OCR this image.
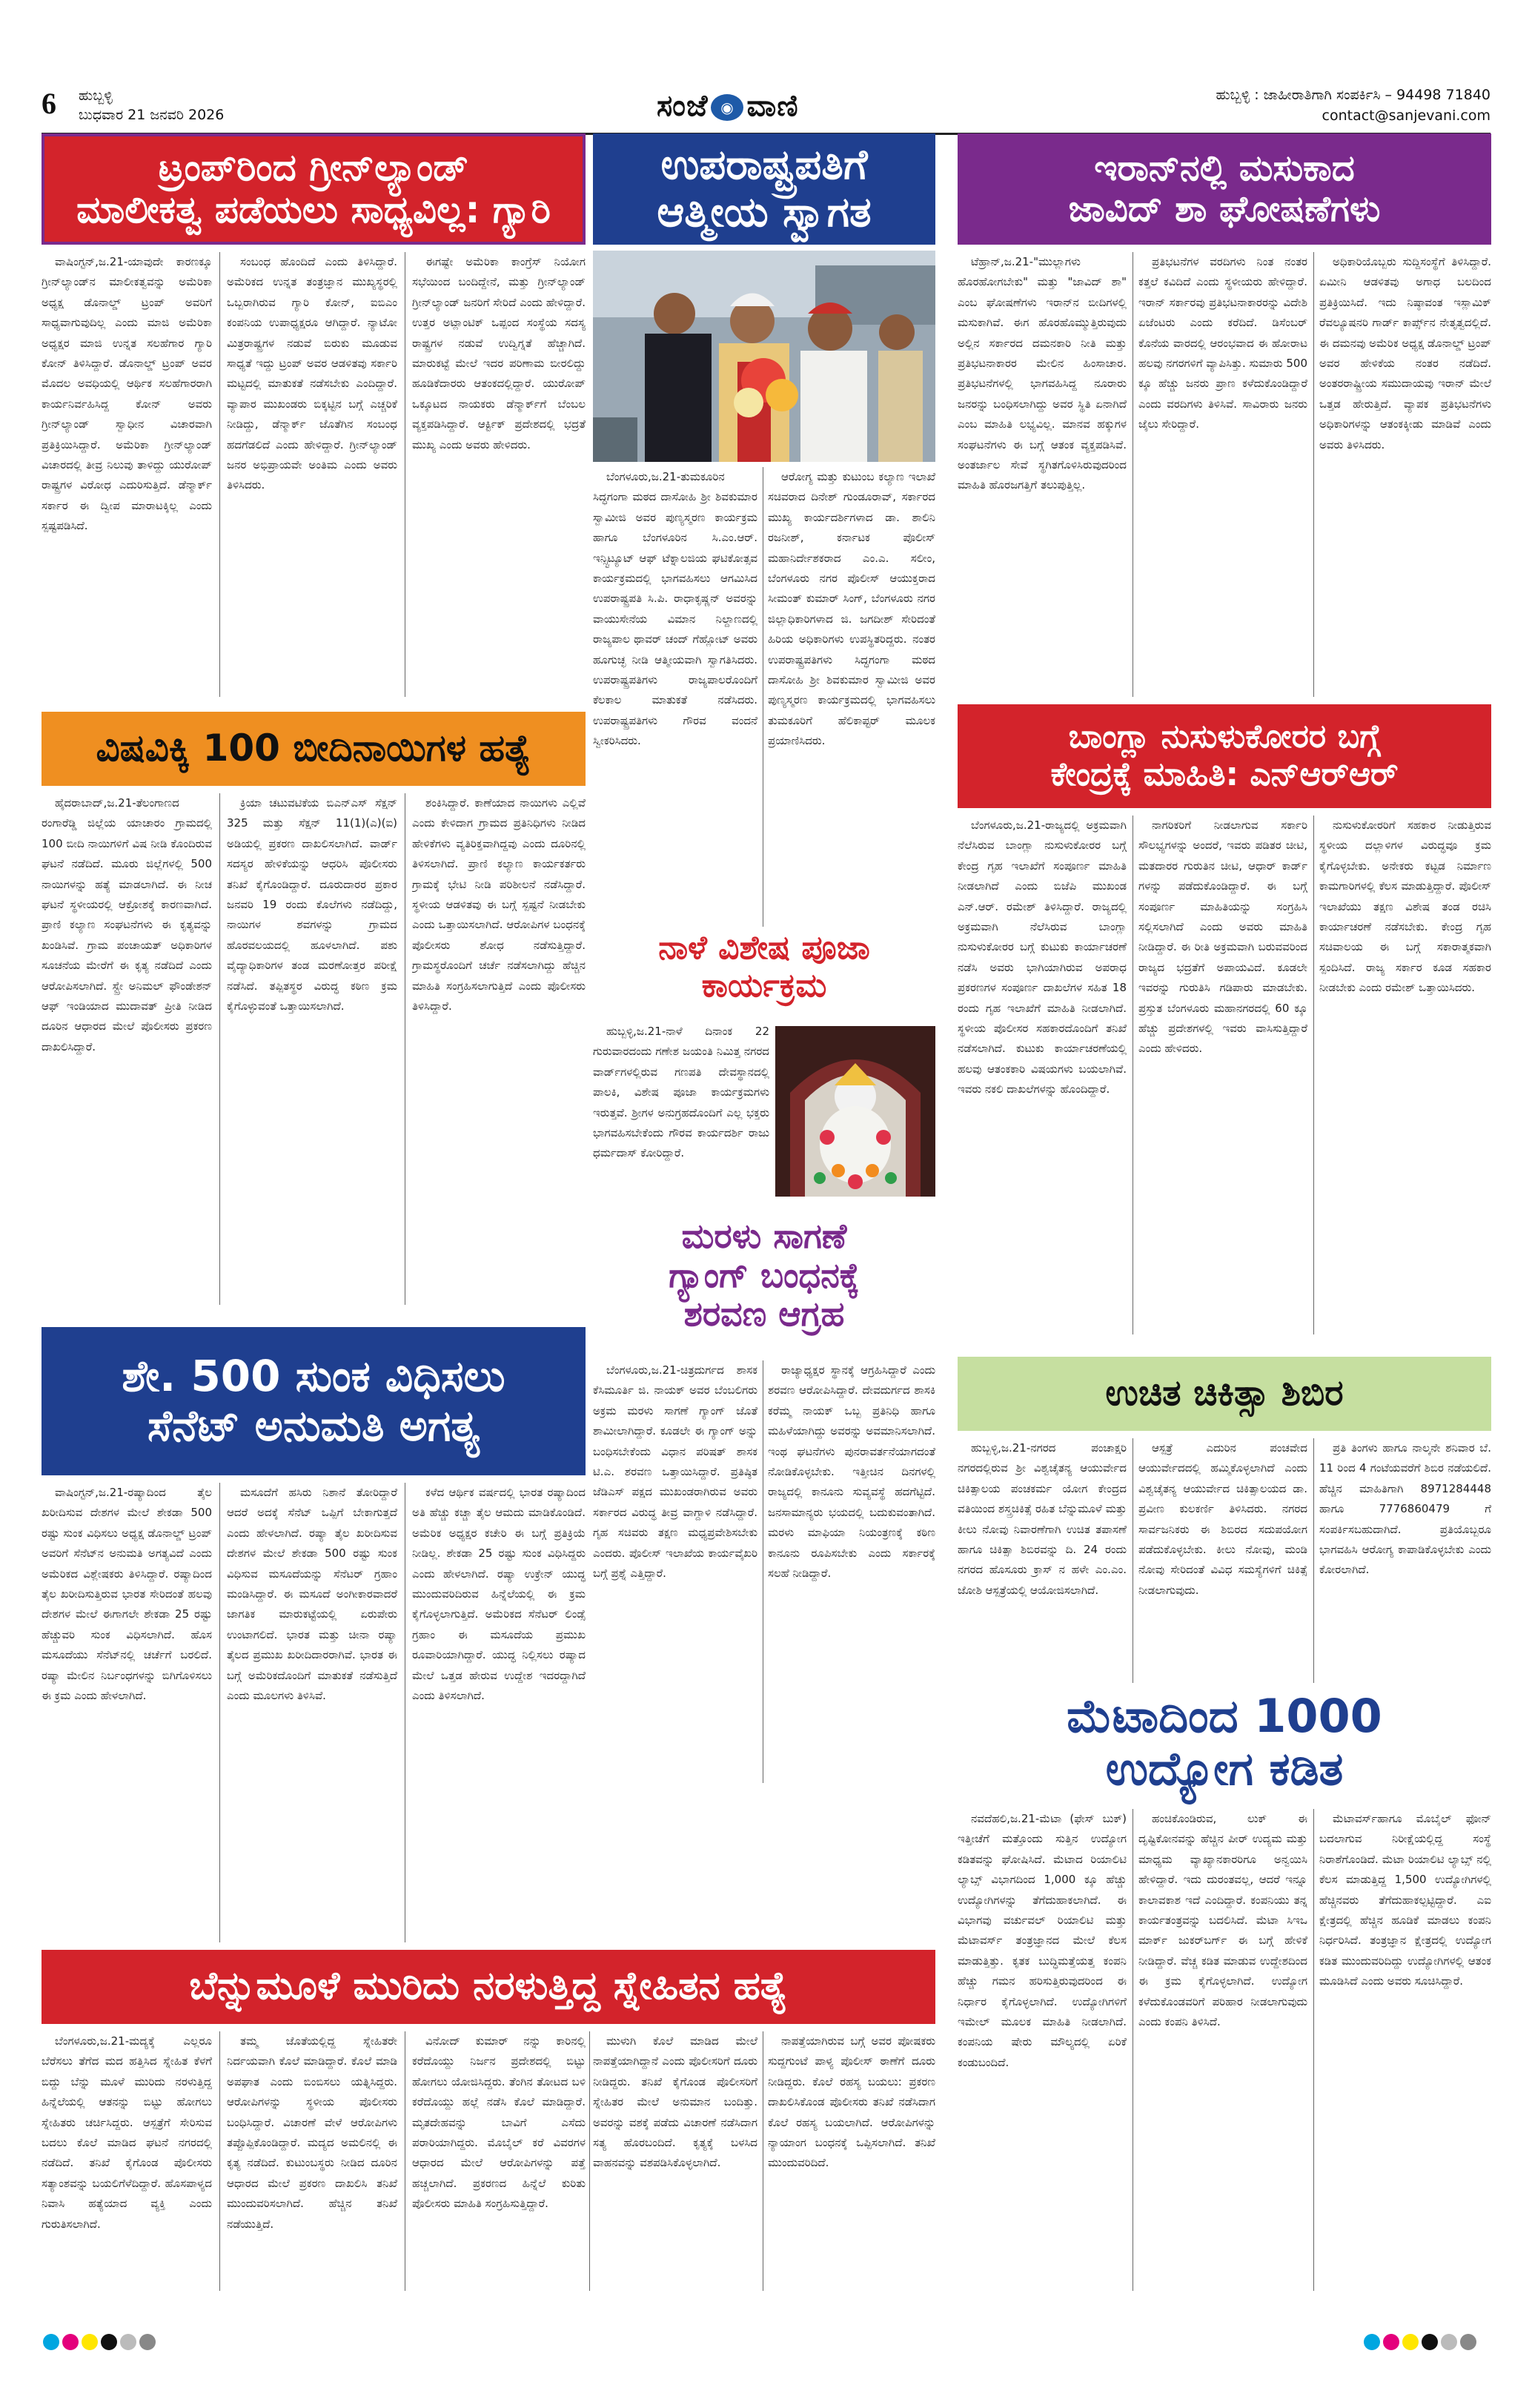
6 ಹುಬ್ಬಳ್ಳಿ
ಬುಧವಾರ 21 ಜನವರಿ 2026	ಸಂಜೆ ◉ ವಾಣಿ	ಹುಬ್ಬಳ್ಳಿ : ಜಾಹೀರಾತಿಗಾಗಿ ಸಂಪರ್ಕಿಸಿ – 94498 71840
contact@sanjevani.com
ಟ್ರಂಪ್‌ರಿಂದ ಗ್ರೀನ್‌ಲ್ಯಾಂಡ್
ಮಾಲೀಕತ್ವ ಪಡೆಯಲು ಸಾಧ್ಯವಿಲ್ಲ: ಗ್ಯಾರಿ

ವಾಷಿಂಗ್ಟನ್,ಜ.21-ಯಾವುದೇ ಕಾರಣಕ್ಕೂ ಗ್ರೀನ್‌ಲ್ಯಾಂಡ್‌ನ ಮಾಲೀಕತ್ವವನ್ನು ಅಮೆರಿಕಾ ಅಧ್ಯಕ್ಷ ಡೊನಾಲ್ಡ್ ಟ್ರಂಪ್ ಅವರಿಗೆ ಸಾಧ್ಯವಾಗುವುದಿಲ್ಲ ಎಂದು ಮಾಜಿ ಅಮೆರಿಕಾ ಅಧ್ಯಕ್ಷರ ಮಾಜಿ ಉನ್ನತ ಸಲಹೆಗಾರ ಗ್ಯಾರಿ ಕೋನ್ ತಿಳಿಸಿದ್ದಾರೆ. ಡೊನಾಲ್ಡ್ ಟ್ರಂಪ್ ಅವರ ಮೊದಲ ಅವಧಿಯಲ್ಲಿ ಆರ್ಥಿಕ ಸಲಹೆಗಾರರಾಗಿ ಕಾರ್ಯನಿರ್ವಹಿಸಿದ್ದ ಕೋನ್ ಅವರು ಗ್ರೀನ್‌ಲ್ಯಾಂಡ್ ಸ್ವಾಧೀನ ವಿಚಾರವಾಗಿ ಪ್ರತಿಕ್ರಿಯಿಸಿದ್ದಾರೆ. ಅಮೆರಿಕಾ ಗ್ರೀನ್‌ಲ್ಯಾಂಡ್ ವಿಚಾರದಲ್ಲಿ ತೀವ್ರ ನಿಲುವು ತಾಳಿದ್ದು ಯುರೋಪ್ ರಾಷ್ಟ್ರಗಳ ವಿರೋಧ ಎದುರಿಸುತ್ತಿದೆ. ಡೆನ್ಮಾರ್ಕ್ ಸರ್ಕಾರ ಈ ದ್ವೀಪ ಮಾರಾಟಕ್ಕಿಲ್ಲ ಎಂದು ಸ್ಪಷ್ಟಪಡಿಸಿದೆ.

ಸಂಬಂಧ ಹೊಂದಿದೆ ಎಂದು ತಿಳಿಸಿದ್ದಾರೆ. ಅಮೆರಿಕದ ಉನ್ನತ ತಂತ್ರಜ್ಞಾನ ಮುಖ್ಯಸ್ಥರಲ್ಲಿ ಒಬ್ಬರಾಗಿರುವ ಗ್ಯಾರಿ ಕೋನ್, ಐಬಿಎಂ ಕಂಪನಿಯ ಉಪಾಧ್ಯಕ್ಷರೂ ಆಗಿದ್ದಾರೆ. ನ್ಯಾಟೋ ಮಿತ್ರರಾಷ್ಟ್ರಗಳ ನಡುವೆ ಬಿರುಕು ಮೂಡುವ ಸಾಧ್ಯತೆ ಇದ್ದು ಟ್ರಂಪ್ ಅವರ ಆಡಳಿತವು ಸರ್ಕಾರಿ ಮಟ್ಟದಲ್ಲಿ ಮಾತುಕತೆ ನಡೆಸಬೇಕು ಎಂದಿದ್ದಾರೆ. ವ್ಯಾಪಾರ ಮುಖಂಡರು ಬಿಕ್ಕಟ್ಟಿನ ಬಗ್ಗೆ ಎಚ್ಚರಿಕೆ ನೀಡಿದ್ದು, ಡೆನ್ಮಾರ್ಕ್ ಜೊತೆಗಿನ ಸಂಬಂಧ ಹದಗೆಡಲಿದೆ ಎಂದು ಹೇಳಿದ್ದಾರೆ. ಗ್ರೀನ್‌ಲ್ಯಾಂಡ್ ಜನರ ಅಭಿಪ್ರಾಯವೇ ಅಂತಿಮ ಎಂದು ಅವರು ತಿಳಿಸಿದರು.

ಈಗಷ್ಟೇ ಅಮೆರಿಕಾ ಕಾಂಗ್ರೆಸ್ ನಿಯೋಗ ಸಭೆಯಿಂದ ಬಂದಿದ್ದೇನೆ, ಮತ್ತು ಗ್ರೀನ್‌ಲ್ಯಾಂಡ್ ಗ್ರೀನ್‌ಲ್ಯಾಂಡ್ ಜನರಿಗೆ ಸೇರಿದೆ ಎಂದು ಹೇಳಿದ್ದಾರೆ. ಉತ್ತರ ಅಟ್ಲಾಂಟಿಕ್ ಒಪ್ಪಂದ ಸಂಸ್ಥೆಯ ಸದಸ್ಯ ರಾಷ್ಟ್ರಗಳ ನಡುವೆ ಉದ್ವಿಗ್ನತೆ ಹೆಚ್ಚಾಗಿದೆ. ಮಾರುಕಟ್ಟೆ ಮೇಲೆ ಇದರ ಪರಿಣಾಮ ಬೀರಲಿದ್ದು ಹೂಡಿಕೆದಾರರು ಆತಂಕದಲ್ಲಿದ್ದಾರೆ. ಯುರೋಪ್ ಒಕ್ಕೂಟದ ನಾಯಕರು ಡೆನ್ಮಾರ್ಕ್‌ಗೆ ಬೆಂಬಲ ವ್ಯಕ್ತಪಡಿಸಿದ್ದಾರೆ. ಆರ್ಕ್ಟಿಕ್ ಪ್ರದೇಶದಲ್ಲಿ ಭದ್ರತೆ ಮುಖ್ಯ ಎಂದು ಅವರು ಹೇಳಿದರು.

ಉಪರಾಷ್ಟ್ರಪತಿಗೆ
ಆತ್ಮೀಯ ಸ್ವಾಗತ

ಬೆಂಗಳೂರು,ಜ.21-ತುಮಕೂರಿನ ಸಿದ್ಧಗಂಗಾ ಮಠದ ದಾಸೋಹಿ ಶ್ರೀ ಶಿವಕುಮಾರ ಸ್ವಾಮೀಜಿ ಅವರ ಪುಣ್ಯಸ್ಮರಣ ಕಾರ್ಯಕ್ರಮ ಹಾಗೂ ಬೆಂಗಳೂರಿನ ಸಿ.ಎಂ.ಆರ್. ಇನ್ಸ್ಟಿಟ್ಯೂಟ್ ಆಫ್ ಟೆಕ್ನಾಲಜಿಯ ಘಟಿಕೋತ್ಸವ ಕಾರ್ಯಕ್ರಮದಲ್ಲಿ ಭಾಗವಹಿಸಲು ಆಗಮಿಸಿದ ಉಪರಾಷ್ಟ್ರಪತಿ ಸಿ.ಪಿ. ರಾಧಾಕೃಷ್ಣನ್ ಅವರನ್ನು ವಾಯುಸೇನೆಯ ವಿಮಾನ ನಿಲ್ದಾಣದಲ್ಲಿ ರಾಜ್ಯಪಾಲ ಥಾವರ್ ಚಂದ್ ಗೆಹ್ಲೋಟ್ ಅವರು ಹೂಗುಚ್ಛ ನೀಡಿ ಆತ್ಮೀಯವಾಗಿ ಸ್ವಾಗತಿಸಿದರು. ಉಪರಾಷ್ಟ್ರಪತಿಗಳು ರಾಜ್ಯಪಾಲರೊಂದಿಗೆ ಕೆಲಕಾಲ ಮಾತುಕತೆ ನಡೆಸಿದರು. ಉಪರಾಷ್ಟ್ರಪತಿಗಳು ಗೌರವ ವಂದನೆ ಸ್ವೀಕರಿಸಿದರು.

ಆರೋಗ್ಯ ಮತ್ತು ಕುಟುಂಬ ಕಲ್ಯಾಣ ಇಲಾಖೆ ಸಚಿವರಾದ ದಿನೇಶ್ ಗುಂಡೂರಾವ್, ಸರ್ಕಾರದ ಮುಖ್ಯ ಕಾರ್ಯದರ್ಶಿಗಳಾದ ಡಾ. ಶಾಲಿನಿ ರಜನೀಶ್, ಕರ್ನಾಟಕ ಪೊಲೀಸ್ ಮಹಾನಿರ್ದೇಶಕರಾದ ಎಂ.ಎ. ಸಲೀಂ, ಬೆಂಗಳೂರು ನಗರ ಪೊಲೀಸ್ ಆಯುಕ್ತರಾದ ಸೀಮಂತ್ ಕುಮಾರ್ ಸಿಂಗ್, ಬೆಂಗಳೂರು ನಗರ ಜಿಲ್ಲಾಧಿಕಾರಿಗಳಾದ ಜಿ. ಜಗದೀಶ್ ಸೇರಿದಂತೆ ಹಿರಿಯ ಅಧಿಕಾರಿಗಳು ಉಪಸ್ಥಿತರಿದ್ದರು. ನಂತರ ಉಪರಾಷ್ಟ್ರಪತಿಗಳು ಸಿದ್ಧಗಂಗಾ ಮಠದ ದಾಸೋಹಿ ಶ್ರೀ ಶಿವಕುಮಾರ ಸ್ವಾಮೀಜಿ ಅವರ ಪುಣ್ಯಸ್ಮರಣ ಕಾರ್ಯಕ್ರಮದಲ್ಲಿ ಭಾಗವಹಿಸಲು ತುಮಕೂರಿಗೆ ಹೆಲಿಕಾಪ್ಟರ್ ಮೂಲಕ ಪ್ರಯಾಣಿಸಿದರು.

ಇರಾನ್‌ನಲ್ಲಿ ಮಸುಕಾದ
ಜಾವಿದ್ ಶಾ ಘೋಷಣೆಗಳು

ಟೆಹ್ರಾನ್,ಜ.21-"ಮುಲ್ಲಾಗಳು ಹೊರಹೋಗಬೇಕು" ಮತ್ತು "ಜಾವಿದ್ ಶಾ" ಎಂಬ ಘೋಷಣೆಗಳು ಇರಾನ್‌ನ ಬೀದಿಗಳಲ್ಲಿ ಮಸುಕಾಗಿವೆ. ಈಗ ಹೊರಹೊಮ್ಮುತ್ತಿರುವುದು ಅಲ್ಲಿನ ಸರ್ಕಾರದ ದಮನಕಾರಿ ನೀತಿ ಮತ್ತು ಪ್ರತಿಭಟನಾಕಾರರ ಮೇಲಿನ ಹಿಂಸಾಚಾರ. ಪ್ರತಿಭಟನೆಗಳಲ್ಲಿ ಭಾಗವಹಿಸಿದ್ದ ನೂರಾರು ಜನರನ್ನು ಬಂಧಿಸಲಾಗಿದ್ದು ಅವರ ಸ್ಥಿತಿ ಏನಾಗಿದೆ ಎಂಬ ಮಾಹಿತಿ ಲಭ್ಯವಿಲ್ಲ. ಮಾನವ ಹಕ್ಕುಗಳ ಸಂಘಟನೆಗಳು ಈ ಬಗ್ಗೆ ಆತಂಕ ವ್ಯಕ್ತಪಡಿಸಿವೆ. ಅಂತರ್ಜಾಲ ಸೇವೆ ಸ್ಥಗಿತಗೊಳಿಸಿರುವುದರಿಂದ ಮಾಹಿತಿ ಹೊರಜಗತ್ತಿಗೆ ತಲುಪುತ್ತಿಲ್ಲ.

ಪ್ರತಿಭಟನೆಗಳ ವರದಿಗಳು ನಿಂತ ನಂತರ ಕತ್ತಲೆ ಕವಿದಿದೆ ಎಂದು ಸ್ಥಳೀಯರು ಹೇಳಿದ್ದಾರೆ. ಇರಾನ್ ಸರ್ಕಾರವು ಪ್ರತಿಭಟನಾಕಾರರನ್ನು ವಿದೇಶಿ ಏಜೆಂಟರು ಎಂದು ಕರೆದಿದೆ. ಡಿಸೆಂಬರ್ ಕೊನೆಯ ವಾರದಲ್ಲಿ ಆರಂಭವಾದ ಈ ಹೋರಾಟ ಹಲವು ನಗರಗಳಿಗೆ ವ್ಯಾಪಿಸಿತ್ತು. ಸುಮಾರು 500 ಕ್ಕೂ ಹೆಚ್ಚು ಜನರು ಪ್ರಾಣ ಕಳೆದುಕೊಂಡಿದ್ದಾರೆ ಎಂದು ವರದಿಗಳು ತಿಳಿಸಿವೆ. ಸಾವಿರಾರು ಜನರು ಜೈಲು ಸೇರಿದ್ದಾರೆ.

ಅಧಿಕಾರಿಯೊಬ್ಬರು ಸುದ್ದಿಸಂಸ್ಥೆಗೆ ತಿಳಿಸಿದ್ದಾರೆ. ಏಮೀನಿ ಆಡಳಿತವು ಅಗಾಧ ಬಲದಿಂದ ಪ್ರತಿಕ್ರಿಯಿಸಿದೆ. ಇದು ನಿಷ್ಠಾವಂತ ಇಸ್ಲಾಮಿಕ್ ರೆವಲ್ಯೂಷನರಿ ಗಾರ್ಡ್ ಕಾರ್ಪ್ಸ್‌ನ ನೇತೃತ್ವದಲ್ಲಿದೆ. ಈ ದಮನವು ಅಮೆರಿಕ ಅಧ್ಯಕ್ಷ ಡೊನಾಲ್ಡ್ ಟ್ರಂಪ್ ಅವರ ಹೇಳಿಕೆಯ ನಂತರ ನಡೆದಿದೆ. ಅಂತರರಾಷ್ಟ್ರೀಯ ಸಮುದಾಯವು ಇರಾನ್ ಮೇಲೆ ಒತ್ತಡ ಹೇರುತ್ತಿದೆ. ವ್ಯಾಪಕ ಪ್ರತಿಭಟನೆಗಳು ಅಧಿಕಾರಿಗಳನ್ನು ಆತಂಕಕ್ಕೀಡು ಮಾಡಿವೆ ಎಂದು ಅವರು ತಿಳಿಸಿದರು.

ವಿಷವಿಕ್ಕಿ 100 ಬೀದಿನಾಯಿಗಳ ಹತ್ಯೆ

ಹೈದರಾಬಾದ್,ಜ.21-ತೆಲಂಗಾಣದ ರಂಗಾರೆಡ್ಡಿ ಜಿಲ್ಲೆಯ ಯಾಚಾರಂ ಗ್ರಾಮದಲ್ಲಿ 100 ಬೀದಿ ನಾಯಿಗಳಿಗೆ ವಿಷ ನೀಡಿ ಕೊಂದಿರುವ ಘಟನೆ ನಡೆದಿದೆ. ಮೂರು ಜಿಲ್ಲೆಗಳಲ್ಲಿ 500 ನಾಯಿಗಳನ್ನು ಹತ್ಯೆ ಮಾಡಲಾಗಿದೆ. ಈ ನೀಚ ಘಟನೆ ಸ್ಥಳೀಯರಲ್ಲಿ ಆಕ್ರೋಶಕ್ಕೆ ಕಾರಣವಾಗಿದೆ. ಪ್ರಾಣಿ ಕಲ್ಯಾಣ ಸಂಘಟನೆಗಳು ಈ ಕೃತ್ಯವನ್ನು ಖಂಡಿಸಿವೆ. ಗ್ರಾಮ ಪಂಚಾಯತ್ ಅಧಿಕಾರಿಗಳ ಸೂಚನೆಯ ಮೇರೆಗೆ ಈ ಕೃತ್ಯ ನಡೆದಿದೆ ಎಂದು ಆರೋಪಿಸಲಾಗಿದೆ. ಸ್ಟ್ರೇ ಅನಿಮಲ್ ಫೌಂಡೇಶನ್ ಆಫ್ ಇಂಡಿಯಾದ ಮುದಾವತ್ ಪ್ರೀತಿ ನೀಡಿದ ದೂರಿನ ಆಧಾರದ ಮೇಲೆ ಪೊಲೀಸರು ಪ್ರಕರಣ ದಾಖಲಿಸಿದ್ದಾರೆ.

ಕ್ರಿಯಾ ಚಟುವಟಿಕೆಯ ಬಿಎನ್‌ಎಸ್ ಸೆಕ್ಷನ್ 325 ಮತ್ತು ಸೆಕ್ಷನ್ 11(1)(ಎ)(ಐ) ಅಡಿಯಲ್ಲಿ ಪ್ರಕರಣ ದಾಖಲಿಸಲಾಗಿದೆ. ವಾರ್ಡ್ ಸದಸ್ಯರ ಹೇಳಿಕೆಯನ್ನು ಆಧರಿಸಿ ಪೊಲೀಸರು ತನಿಖೆ ಕೈಗೊಂಡಿದ್ದಾರೆ. ದೂರುದಾರರ ಪ್ರಕಾರ ಜನವರಿ 19 ರಂದು ಕೊಲೆಗಳು ನಡೆದಿದ್ದು, ನಾಯಿಗಳ ಶವಗಳನ್ನು ಗ್ರಾಮದ ಹೊರವಲಯದಲ್ಲಿ ಹೂಳಲಾಗಿದೆ. ಪಶು ವೈದ್ಯಾಧಿಕಾರಿಗಳ ತಂಡ ಮರಣೋತ್ತರ ಪರೀಕ್ಷೆ ನಡೆಸಿದೆ. ತಪ್ಪಿತಸ್ಥರ ವಿರುದ್ಧ ಕಠಿಣ ಕ್ರಮ ಕೈಗೊಳ್ಳುವಂತೆ ಒತ್ತಾಯಿಸಲಾಗಿದೆ.

ಶಂಕಿಸಿದ್ದಾರೆ. ಕಾಣೆಯಾದ ನಾಯಿಗಳು ಎಲ್ಲಿವೆ ಎಂದು ಕೇಳಿದಾಗ ಗ್ರಾಮದ ಪ್ರತಿನಿಧಿಗಳು ನೀಡಿದ ಹೇಳಿಕೆಗಳು ವ್ಯತಿರಿಕ್ತವಾಗಿದ್ದವು ಎಂದು ದೂರಿನಲ್ಲಿ ತಿಳಿಸಲಾಗಿದೆ. ಪ್ರಾಣಿ ಕಲ್ಯಾಣ ಕಾರ್ಯಕರ್ತರು ಗ್ರಾಮಕ್ಕೆ ಭೇಟಿ ನೀಡಿ ಪರಿಶೀಲನೆ ನಡೆಸಿದ್ದಾರೆ. ಸ್ಥಳೀಯ ಆಡಳಿತವು ಈ ಬಗ್ಗೆ ಸ್ಪಷ್ಟನೆ ನೀಡಬೇಕು ಎಂದು ಒತ್ತಾಯಿಸಲಾಗಿದೆ. ಆರೋಪಿಗಳ ಬಂಧನಕ್ಕೆ ಪೊಲೀಸರು ಶೋಧ ನಡೆಸುತ್ತಿದ್ದಾರೆ. ಗ್ರಾಮಸ್ಥರೊಂದಿಗೆ ಚರ್ಚೆ ನಡೆಸಲಾಗಿದ್ದು ಹೆಚ್ಚಿನ ಮಾಹಿತಿ ಸಂಗ್ರಹಿಸಲಾಗುತ್ತಿದೆ ಎಂದು ಪೊಲೀಸರು ತಿಳಿಸಿದ್ದಾರೆ.

ನಾಳೆ ವಿಶೇಷ ಪೂಜಾ
ಕಾರ್ಯಕ್ರಮ

ಹುಬ್ಬಳ್ಳಿ,ಜ.21-ನಾಳೆ ದಿನಾಂಕ 22 ಗುರುವಾರದಂದು ಗಣೇಶ ಜಯಂತಿ ನಿಮಿತ್ತ ನಗರದ ವಾರ್ಡ್‌ಗಳಲ್ಲಿರುವ ಗಣಪತಿ ದೇವಸ್ಥಾನದಲ್ಲಿ ಪಾಲಕಿ, ವಿಶೇಷ ಪೂಜಾ ಕಾರ್ಯಕ್ರಮಗಳು ಇರುತ್ತವೆ. ಶ್ರೀಗಳ ಅನುಗ್ರಹದೊಂದಿಗೆ ಎಲ್ಲ ಭಕ್ತರು ಭಾಗವಹಿಸಬೇಕೆಂದು ಗೌರವ ಕಾರ್ಯದರ್ಶಿ ರಾಜು ಧರ್ಮದಾಸ್ ಕೋರಿದ್ದಾರೆ.

ಮರಳು ಸಾಗಣೆ
ಗ್ಯಾಂಗ್ ಬಂಧನಕ್ಕೆ
ಶರವಣ ಆಗ್ರಹ

ಬೆಂಗಳೂರು,ಜ.21-ಚಿತ್ರದುರ್ಗದ ಶಾಸಕ ಕೆಸಿಮೂರ್ತಿ ಜಿ. ನಾಯಕ್ ಅವರ ಬೆಂಬಲಿಗರು ಅಕ್ರಮ ಮರಳು ಸಾಗಣೆ ಗ್ಯಾಂಗ್ ಜೊತೆ ಶಾಮೀಲಾಗಿದ್ದಾರೆ. ಕೂಡಲೇ ಈ ಗ್ಯಾಂಗ್ ಅನ್ನು ಬಂಧಿಸಬೇಕೆಂದು ವಿಧಾನ ಪರಿಷತ್ ಶಾಸಕ ಟಿ.ಎ. ಶರವಣ ಒತ್ತಾಯಿಸಿದ್ದಾರೆ. ಪ್ರತಿಷ್ಠಿತ ಜೆಡಿಎಸ್ ಪಕ್ಷದ ಮುಖಂಡರಾಗಿರುವ ಅವರು ಸರ್ಕಾರದ ವಿರುದ್ಧ ತೀವ್ರ ವಾಗ್ದಾಳಿ ನಡೆಸಿದ್ದಾರೆ. ಗೃಹ ಸಚಿವರು ತಕ್ಷಣ ಮಧ್ಯಪ್ರವೇಶಿಸಬೇಕು ಎಂದರು. ಪೊಲೀಸ್ ಇಲಾಖೆಯ ಕಾರ್ಯವೈಖರಿ ಬಗ್ಗೆ ಪ್ರಶ್ನೆ ಎತ್ತಿದ್ದಾರೆ.

ರಾಜ್ಯಾಧ್ಯಕ್ಷರ ಸ್ಥಾನಕ್ಕೆ ಆಗ್ರಹಿಸಿದ್ದಾರೆ ಎಂದು ಶರವಣ ಆರೋಪಿಸಿದ್ದಾರೆ. ದೇವದುರ್ಗದ ಶಾಸಕಿ ಕರೆಮ್ಮ ನಾಯಕ್ ಒಬ್ಬ ಪ್ರತಿನಿಧಿ ಹಾಗೂ ಮಹಿಳೆಯಾಗಿದ್ದು ಅವರನ್ನು ಅವಮಾನಿಸಲಾಗಿದೆ. ಇಂಥ ಘಟನೆಗಳು ಪುನರಾವರ್ತನೆಯಾಗದಂತೆ ನೋಡಿಕೊಳ್ಳಬೇಕು. ಇತ್ತೀಚಿನ ದಿನಗಳಲ್ಲಿ ರಾಜ್ಯದಲ್ಲಿ ಕಾನೂನು ಸುವ್ಯವಸ್ಥೆ ಹದಗೆಟ್ಟಿದೆ. ಜನಸಾಮಾನ್ಯರು ಭಯದಲ್ಲಿ ಬದುಕುವಂತಾಗಿದೆ. ಮರಳು ಮಾಫಿಯಾ ನಿಯಂತ್ರಣಕ್ಕೆ ಕಠಿಣ ಕಾನೂನು ರೂಪಿಸಬೇಕು ಎಂದು ಸರ್ಕಾರಕ್ಕೆ ಸಲಹೆ ನೀಡಿದ್ದಾರೆ.

ಬಾಂಗ್ಲಾ ನುಸುಳುಕೋರರ ಬಗ್ಗೆ
ಕೇಂದ್ರಕ್ಕೆ ಮಾಹಿತಿ: ಎನ್‌ಆರ್‌ಆರ್

ಬೆಂಗಳೂರು,ಜ.21-ರಾಜ್ಯದಲ್ಲಿ ಅಕ್ರಮವಾಗಿ ನೆಲೆಸಿರುವ ಬಾಂಗ್ಲಾ ನುಸುಳುಕೋರರ ಬಗ್ಗೆ ಕೇಂದ್ರ ಗೃಹ ಇಲಾಖೆಗೆ ಸಂಪೂರ್ಣ ಮಾಹಿತಿ ನೀಡಲಾಗಿದೆ ಎಂದು ಬಿಜೆಪಿ ಮುಖಂಡ ಎನ್.ಆರ್. ರಮೇಶ್ ತಿಳಿಸಿದ್ದಾರೆ. ರಾಜ್ಯದಲ್ಲಿ ಅಕ್ರಮವಾಗಿ ನೆಲೆಸಿರುವ ಬಾಂಗ್ಲಾ ನುಸುಳುಕೋರರ ಬಗ್ಗೆ ಕುಟುಕು ಕಾರ್ಯಾಚರಣೆ ನಡೆಸಿ ಅವರು ಭಾಗಿಯಾಗಿರುವ ಅಪರಾಧ ಪ್ರಕರಣಗಳ ಸಂಪೂರ್ಣ ದಾಖಲೆಗಳ ಸಹಿತ 18 ರಂದು ಗೃಹ ಇಲಾಖೆಗೆ ಮಾಹಿತಿ ನೀಡಲಾಗಿದೆ. ಸ್ಥಳೀಯ ಪೊಲೀಸರ ಸಹಕಾರದೊಂದಿಗೆ ತನಿಖೆ ನಡೆಸಲಾಗಿದೆ. ಕುಟುಕು ಕಾರ್ಯಾಚರಣೆಯಲ್ಲಿ ಹಲವು ಆತಂಕಕಾರಿ ವಿಷಯಗಳು ಬಯಲಾಗಿವೆ. ಇವರು ನಕಲಿ ದಾಖಲೆಗಳನ್ನು ಹೊಂದಿದ್ದಾರೆ.

ನಾಗರಿಕರಿಗೆ ನೀಡಲಾಗುವ ಸರ್ಕಾರಿ ಸೌಲಭ್ಯಗಳನ್ನು ಅಂದರೆ, ಇವರು ಪಡಿತರ ಚೀಟಿ, ಮತದಾರರ ಗುರುತಿನ ಚೀಟಿ, ಆಧಾರ್ ಕಾರ್ಡ್ ಗಳನ್ನು ಪಡೆದುಕೊಂಡಿದ್ದಾರೆ. ಈ ಬಗ್ಗೆ ಸಂಪೂರ್ಣ ಮಾಹಿತಿಯನ್ನು ಸಂಗ್ರಹಿಸಿ ಸಲ್ಲಿಸಲಾಗಿದೆ ಎಂದು ಅವರು ಮಾಹಿತಿ ನೀಡಿದ್ದಾರೆ. ಈ ರೀತಿ ಅಕ್ರಮವಾಗಿ ಬರುವವರಿಂದ ರಾಜ್ಯದ ಭದ್ರತೆಗೆ ಅಪಾಯವಿದೆ. ಕೂಡಲೇ ಇವರನ್ನು ಗುರುತಿಸಿ ಗಡಿಪಾರು ಮಾಡಬೇಕು. ಪ್ರಸ್ತುತ ಬೆಂಗಳೂರು ಮಹಾನಗರದಲ್ಲಿ 60 ಕ್ಕೂ ಹೆಚ್ಚು ಪ್ರದೇಶಗಳಲ್ಲಿ ಇವರು ವಾಸಿಸುತ್ತಿದ್ದಾರೆ ಎಂದು ಹೇಳಿದರು.

ನುಸುಳುಕೋರರಿಗೆ ಸಹಕಾರ ನೀಡುತ್ತಿರುವ ಸ್ಥಳೀಯ ದಲ್ಲಾಳಿಗಳ ವಿರುದ್ಧವೂ ಕ್ರಮ ಕೈಗೊಳ್ಳಬೇಕು. ಅನೇಕರು ಕಟ್ಟಡ ನಿರ್ಮಾಣ ಕಾಮಗಾರಿಗಳಲ್ಲಿ ಕೆಲಸ ಮಾಡುತ್ತಿದ್ದಾರೆ. ಪೊಲೀಸ್ ಇಲಾಖೆಯು ತಕ್ಷಣ ವಿಶೇಷ ತಂಡ ರಚಿಸಿ ಕಾರ್ಯಾಚರಣೆ ನಡೆಸಬೇಕು. ಕೇಂದ್ರ ಗೃಹ ಸಚಿವಾಲಯ ಈ ಬಗ್ಗೆ ಸಕಾರಾತ್ಮಕವಾಗಿ ಸ್ಪಂದಿಸಿದೆ. ರಾಜ್ಯ ಸರ್ಕಾರ ಕೂಡ ಸಹಕಾರ ನೀಡಬೇಕು ಎಂದು ರಮೇಶ್ ಒತ್ತಾಯಿಸಿದರು.

ಶೇ. 500 ಸುಂಕ ವಿಧಿಸಲು
ಸೆನೆಟ್ ಅನುಮತಿ ಅಗತ್ಯ

ವಾಷಿಂಗ್ಟನ್,ಜ.21-ರಷ್ಯಾದಿಂದ ತೈಲ ಖರೀದಿಸುವ ದೇಶಗಳ ಮೇಲೆ ಶೇಕಡಾ 500 ರಷ್ಟು ಸುಂಕ ವಿಧಿಸಲು ಅಧ್ಯಕ್ಷ ಡೊನಾಲ್ಡ್ ಟ್ರಂಪ್ ಅವರಿಗೆ ಸೆನೆಟ್‌ನ ಅನುಮತಿ ಅಗತ್ಯವಿದೆ ಎಂದು ಅಮೆರಿಕದ ವಿಶ್ಲೇಷಕರು ತಿಳಿಸಿದ್ದಾರೆ. ರಷ್ಯಾದಿಂದ ತೈಲ ಖರೀದಿಸುತ್ತಿರುವ ಭಾರತ ಸೇರಿದಂತೆ ಹಲವು ದೇಶಗಳ ಮೇಲೆ ಈಗಾಗಲೇ ಶೇಕಡಾ 25 ರಷ್ಟು ಹೆಚ್ಚುವರಿ ಸುಂಕ ವಿಧಿಸಲಾಗಿದೆ. ಹೊಸ ಮಸೂದೆಯು ಸೆನೆಟ್‌ನಲ್ಲಿ ಚರ್ಚೆಗೆ ಬರಲಿದೆ. ರಷ್ಯಾ ಮೇಲಿನ ನಿರ್ಬಂಧಗಳನ್ನು ಬಿಗಿಗೊಳಿಸಲು ಈ ಕ್ರಮ ಎಂದು ಹೇಳಲಾಗಿದೆ.

ಮಸೂದೆಗೆ ಹಸಿರು ನಿಶಾನೆ ತೋರಿದ್ದಾರೆ ಆದರೆ ಅದಕ್ಕೆ ಸೆನೆಟ್ ಒಪ್ಪಿಗೆ ಬೇಕಾಗುತ್ತದೆ ಎಂದು ಹೇಳಲಾಗಿದೆ. ರಷ್ಯಾ ತೈಲ ಖರೀದಿಸುವ ದೇಶಗಳ ಮೇಲೆ ಶೇಕಡಾ 500 ರಷ್ಟು ಸುಂಕ ವಿಧಿಸುವ ಮಸೂದೆಯನ್ನು ಸೆನೆಟರ್ ಗ್ರಹಾಂ ಮಂಡಿಸಿದ್ದಾರೆ. ಈ ಮಸೂದೆ ಅಂಗೀಕಾರವಾದರೆ ಜಾಗತಿಕ ಮಾರುಕಟ್ಟೆಯಲ್ಲಿ ಏರುಪೇರು ಉಂಟಾಗಲಿದೆ. ಭಾರತ ಮತ್ತು ಚೀನಾ ರಷ್ಯಾ ತೈಲದ ಪ್ರಮುಖ ಖರೀದಿದಾರರಾಗಿವೆ. ಭಾರತ ಈ ಬಗ್ಗೆ ಅಮೆರಿಕದೊಂದಿಗೆ ಮಾತುಕತೆ ನಡೆಸುತ್ತಿದೆ ಎಂದು ಮೂಲಗಳು ತಿಳಿಸಿವೆ.

ಕಳೆದ ಆರ್ಥಿಕ ವರ್ಷದಲ್ಲಿ ಭಾರತ ರಷ್ಯಾದಿಂದ ಅತಿ ಹೆಚ್ಚು ಕಚ್ಚಾ ತೈಲ ಆಮದು ಮಾಡಿಕೊಂಡಿದೆ. ಅಮೆರಿಕ ಅಧ್ಯಕ್ಷರ ಕಚೇರಿ ಈ ಬಗ್ಗೆ ಪ್ರತಿಕ್ರಿಯೆ ನೀಡಿಲ್ಲ. ಶೇಕಡಾ 25 ರಷ್ಟು ಸುಂಕ ವಿಧಿಸಿದ್ದರು ಎಂದು ಹೇಳಲಾಗಿದೆ. ರಷ್ಯಾ ಉಕ್ರೇನ್ ಯುದ್ಧ ಮುಂದುವರಿದಿರುವ ಹಿನ್ನೆಲೆಯಲ್ಲಿ ಈ ಕ್ರಮ ಕೈಗೊಳ್ಳಲಾಗುತ್ತಿದೆ. ಅಮೆರಿಕದ ಸೆನೆಟರ್ ಲಿಂಡ್ಸೆ ಗ್ರಹಾಂ ಈ ಮಸೂದೆಯ ಪ್ರಮುಖ ರೂವಾರಿಯಾಗಿದ್ದಾರೆ. ಯುದ್ಧ ನಿಲ್ಲಿಸಲು ರಷ್ಯಾದ ಮೇಲೆ ಒತ್ತಡ ಹೇರುವ ಉದ್ದೇಶ ಇದರದ್ದಾಗಿದೆ ಎಂದು ತಿಳಿಸಲಾಗಿದೆ.

ಉಚಿತ ಚಿಕಿತ್ಸಾ ಶಿಬಿರ

ಹುಬ್ಬಳ್ಳಿ,ಜ.21-ನಗರದ ಪಂಚಾಕ್ಷರಿ ನಗರದಲ್ಲಿರುವ ಶ್ರೀ ವಿಶ್ವಚೈತನ್ಯ ಆಯುರ್ವೇದ ಚಿಕಿತ್ಸಾಲಯ ಪಂಚಕರ್ಮ ಯೋಗ ಕೇಂದ್ರದ ವತಿಯಿಂದ ಶಸ್ತ್ರಚಿಕಿತ್ಸೆ ರಹಿತ ಬೆನ್ನುಮೂಳೆ ಮತ್ತು ಕೀಲು ನೋವು ನಿವಾರಣೆಗಾಗಿ ಉಚಿತ ತಪಾಸಣೆ ಹಾಗೂ ಚಿಕಿತ್ಸಾ ಶಿಬಿರವನ್ನು ದಿ. 24 ರಂದು ನಗರದ ಹೊಸೂರು ಕ್ರಾಸ್ ನ ಹಳೇ ಎಂ.ಎಂ. ಜೋಶಿ ಆಸ್ಪತ್ರೆಯಲ್ಲಿ ಆಯೋಜಿಸಲಾಗಿದೆ.

ಆಸ್ಪತ್ರೆ ಎದುರಿನ ಪಂಚವೇದ ಆಯುರ್ವೇದದಲ್ಲಿ ಹಮ್ಮಿಕೊಳ್ಳಲಾಗಿದೆ ಎಂದು ವಿಶ್ವಚೈತನ್ಯ ಆಯುರ್ವೇದ ಚಿಕಿತ್ಸಾಲಯದ ಡಾ. ಪ್ರವೀಣ ಕುಲಕರ್ಣಿ ತಿಳಿಸಿದರು. ನಗರದ ಸಾರ್ವಜನಿಕರು ಈ ಶಿಬಿರದ ಸದುಪಯೋಗ ಪಡೆದುಕೊಳ್ಳಬೇಕು. ಕೀಲು ನೋವು, ಮಂಡಿ ನೋವು ಸೇರಿದಂತೆ ವಿವಿಧ ಸಮಸ್ಯೆಗಳಿಗೆ ಚಿಕಿತ್ಸೆ ನೀಡಲಾಗುವುದು.

ಪ್ರತಿ ತಿಂಗಳು ಹಾಗೂ ನಾಲ್ಕನೇ ಶನಿವಾರ ಬೆ. 11 ರಿಂದ 4 ಗಂಟೆಯವರೆಗೆ ಶಿಬಿರ ನಡೆಯಲಿದೆ. ಹೆಚ್ಚಿನ ಮಾಹಿತಿಗಾಗಿ 8971284448 ಹಾಗೂ 7776860479 ಗೆ ಸಂಪರ್ಕಿಸಬಹುದಾಗಿದೆ. ಪ್ರತಿಯೊಬ್ಬರೂ ಭಾಗವಹಿಸಿ ಆರೋಗ್ಯ ಕಾಪಾಡಿಕೊಳ್ಳಬೇಕು ಎಂದು ಕೋರಲಾಗಿದೆ.

ಮೆಟಾದಿಂದ 1000
ಉದ್ಯೋಗ ಕಡಿತ

ನವದೆಹಲಿ,ಜ.21-ಮೆಟಾ (ಫೇಸ್ ಬುಕ್) ಇತ್ತೀಚೆಗೆ ಮತ್ತೊಂದು ಸುತ್ತಿನ ಉದ್ಯೋಗ ಕಡಿತವನ್ನು ಘೋಷಿಸಿದೆ. ಮೆಟಾದ ರಿಯಾಲಿಟಿ ಲ್ಯಾಬ್ಸ್ ವಿಭಾಗದಿಂದ 1,000 ಕ್ಕೂ ಹೆಚ್ಚು ಉದ್ಯೋಗಿಗಳನ್ನು ತೆಗೆದುಹಾಕಲಾಗಿದೆ. ಈ ವಿಭಾಗವು ವರ್ಚುವಲ್ ರಿಯಾಲಿಟಿ ಮತ್ತು ಮೆಟಾವರ್ಸ್ ತಂತ್ರಜ್ಞಾನದ ಮೇಲೆ ಕೆಲಸ ಮಾಡುತ್ತಿತ್ತು. ಕೃತಕ ಬುದ್ಧಿಮತ್ತೆಯತ್ತ ಕಂಪನಿ ಹೆಚ್ಚು ಗಮನ ಹರಿಸುತ್ತಿರುವುದರಿಂದ ಈ ನಿರ್ಧಾರ ಕೈಗೊಳ್ಳಲಾಗಿದೆ. ಉದ್ಯೋಗಿಗಳಿಗೆ ಇಮೇಲ್ ಮೂಲಕ ಮಾಹಿತಿ ನೀಡಲಾಗಿದೆ. ಕಂಪನಿಯ ಷೇರು ಮೌಲ್ಯದಲ್ಲಿ ಏರಿಕೆ ಕಂಡುಬಂದಿದೆ.

ಹಂಚಿಕೊಂಡಿರುವ, ಲುಕ್ ಈ ದೃಷ್ಟಿಕೋನವನ್ನು ಹೆಚ್ಚಿನ ಪೀರ್ ಉದ್ಯಮ ಮತ್ತು ಮಾಧ್ಯಮ ವ್ಯಾಖ್ಯಾನಕಾರರಿಗೂ ಅನ್ವಯಿಸಿ ಹೇಳಿದ್ದಾರೆ. ಇದು ದುರಂತವಲ್ಲ, ಆದರೆ ಇನ್ನೂ ಕಾಲಾವಕಾಶ ಇದೆ ಎಂದಿದ್ದಾರೆ. ಕಂಪನಿಯು ತನ್ನ ಕಾರ್ಯತಂತ್ರವನ್ನು ಬದಲಿಸಿದೆ. ಮೆಟಾ ಸಿಇಒ ಮಾರ್ಕ್ ಜುಕರ್‌ಬರ್ಗ್ ಈ ಬಗ್ಗೆ ಹೇಳಿಕೆ ನೀಡಿದ್ದಾರೆ. ವೆಚ್ಚ ಕಡಿತ ಮಾಡುವ ಉದ್ದೇಶದಿಂದ ಈ ಕ್ರಮ ಕೈಗೊಳ್ಳಲಾಗಿದೆ. ಉದ್ಯೋಗ ಕಳೆದುಕೊಂಡವರಿಗೆ ಪರಿಹಾರ ನೀಡಲಾಗುವುದು ಎಂದು ಕಂಪನಿ ತಿಳಿಸಿದೆ.

ಮೆಟಾವರ್ಸ್‌ಹಾಗೂ ಮೊಬೈಲ್ ಫೋನ್ ಬದಲಾಗುವ ನಿರೀಕ್ಷೆಯಲ್ಲಿದ್ದ ಸಂಸ್ಥೆ ನಿರಾಶೆಗೊಂಡಿದೆ. ಮೆಟಾ ರಿಯಾಲಿಟಿ ಲ್ಯಾಬ್ಸ್ ನಲ್ಲಿ ಕೆಲಸ ಮಾಡುತ್ತಿದ್ದ 1,500 ಉದ್ಯೋಗಿಗಳಲ್ಲಿ ಹೆಚ್ಚಿನವರು ತೆಗೆದುಹಾಕಲ್ಪಟ್ಟಿದ್ದಾರೆ. ಎಐ ಕ್ಷೇತ್ರದಲ್ಲಿ ಹೆಚ್ಚಿನ ಹೂಡಿಕೆ ಮಾಡಲು ಕಂಪನಿ ನಿರ್ಧರಿಸಿದೆ. ತಂತ್ರಜ್ಞಾನ ಕ್ಷೇತ್ರದಲ್ಲಿ ಉದ್ಯೋಗ ಕಡಿತ ಮುಂದುವರಿದಿದ್ದು ಉದ್ಯೋಗಿಗಳಲ್ಲಿ ಆತಂಕ ಮೂಡಿಸಿದೆ ಎಂದು ಅವರು ಸೂಚಿಸಿದ್ದಾರೆ.

ಬೆನ್ನುಮೂಳೆ ಮುರಿದು ನರಳುತ್ತಿದ್ದ ಸ್ನೇಹಿತನ ಹತ್ಯೆ

ಬೆಂಗಳೂರು,ಜ.21-ಮದ್ಯಕ್ಕೆ ಎಲ್ಲರೂ ಬೆರೆಸಲು ತೆಗೆದ ಮದ ಹತ್ತಿಸಿದ ಸ್ನೇಹಿತ ಕೆಳಗೆ ಬಿದ್ದು ಬೆನ್ನು ಮೂಳೆ ಮುರಿದು ನರಳುತ್ತಿದ್ದ ಹಿನ್ನೆಲೆಯಲ್ಲಿ ಆತನನ್ನು ಬಿಟ್ಟು ಹೋಗಲು ಸ್ನೇಹಿತರು ಚರ್ಚಿಸಿದ್ದರು. ಆಸ್ಪತ್ರೆಗೆ ಸೇರಿಸುವ ಬದಲು ಕೊಲೆ ಮಾಡಿದ ಘಟನೆ ನಗರದಲ್ಲಿ ನಡೆದಿದೆ. ತನಿಖೆ ಕೈಗೊಂಡ ಪೊಲೀಸರು ಸತ್ಯಾಂಶವನ್ನು ಬಯಲಿಗೆಳೆದಿದ್ದಾರೆ. ಹೊಸಪಾಳ್ಯದ ನಿವಾಸಿ ಹತ್ಯೆಯಾದ ವ್ಯಕ್ತಿ ಎಂದು ಗುರುತಿಸಲಾಗಿದೆ.

ತಮ್ಮ ಜೊತೆಯಲ್ಲಿದ್ದ ಸ್ನೇಹಿತರೇ ನಿರ್ದಯವಾಗಿ ಕೊಲೆ ಮಾಡಿದ್ದಾರೆ. ಕೊಲೆ ಮಾಡಿ ಅಪಘಾತ ಎಂದು ಬಿಂಬಿಸಲು ಯತ್ನಿಸಿದ್ದರು. ಆರೋಪಿಗಳನ್ನು ಸ್ಥಳೀಯ ಪೊಲೀಸರು ಬಂಧಿಸಿದ್ದಾರೆ. ವಿಚಾರಣೆ ವೇಳೆ ಆರೋಪಿಗಳು ತಪ್ಪೊಪ್ಪಿಕೊಂಡಿದ್ದಾರೆ. ಮದ್ಯದ ಅಮಲಿನಲ್ಲಿ ಈ ಕೃತ್ಯ ನಡೆದಿದೆ. ಕುಟುಂಬಸ್ಥರು ನೀಡಿದ ದೂರಿನ ಆಧಾರದ ಮೇಲೆ ಪ್ರಕರಣ ದಾಖಲಿಸಿ ತನಿಖೆ ಮುಂದುವರಿಸಲಾಗಿದೆ. ಹೆಚ್ಚಿನ ತನಿಖೆ ನಡೆಯುತ್ತಿದೆ.

ವಿನೋದ್ ಕುಮಾರ್ ನನ್ನು ಕಾರಿನಲ್ಲಿ ಕರೆದೊಯ್ದು ನಿರ್ಜನ ಪ್ರದೇಶದಲ್ಲಿ ಬಿಟ್ಟು ಹೋಗಲು ಯೋಜಿಸಿದ್ದರು. ತೆಂಗಿನ ತೋಟದ ಬಳಿ ಕರೆದೊಯ್ದು ಹಲ್ಲೆ ನಡೆಸಿ ಕೊಲೆ ಮಾಡಿದ್ದಾರೆ. ಮೃತದೇಹವನ್ನು ಬಾವಿಗೆ ಎಸೆದು ಪರಾರಿಯಾಗಿದ್ದರು. ಮೊಬೈಲ್ ಕರೆ ವಿವರಗಳ ಆಧಾರದ ಮೇಲೆ ಆರೋಪಿಗಳನ್ನು ಪತ್ತೆ ಹಚ್ಚಲಾಗಿದೆ. ಪ್ರಕರಣದ ಹಿನ್ನೆಲೆ ಕುರಿತು ಪೊಲೀಸರು ಮಾಹಿತಿ ಸಂಗ್ರಹಿಸುತ್ತಿದ್ದಾರೆ.

ಮುಳುಗಿ ಕೊಲೆ ಮಾಡಿದ ಮೇಲೆ ನಾಪತ್ತೆಯಾಗಿದ್ದಾನೆ ಎಂದು ಪೊಲೀಸರಿಗೆ ದೂರು ನೀಡಿದ್ದರು. ತನಿಖೆ ಕೈಗೊಂಡ ಪೊಲೀಸರಿಗೆ ಸ್ನೇಹಿತರ ಮೇಲೆ ಅನುಮಾನ ಬಂದಿತ್ತು. ಅವರನ್ನು ವಶಕ್ಕೆ ಪಡೆದು ವಿಚಾರಣೆ ನಡೆಸಿದಾಗ ಸತ್ಯ ಹೊರಬಂದಿದೆ. ಕೃತ್ಯಕ್ಕೆ ಬಳಸಿದ ವಾಹನವನ್ನು ವಶಪಡಿಸಿಕೊಳ್ಳಲಾಗಿದೆ.

ನಾಪತ್ತೆಯಾಗಿರುವ ಬಗ್ಗೆ ಅವರ ಪೋಷಕರು ಸುದ್ದಗುಂಟೆ ಪಾಳ್ಯ ಪೊಲೀಸ್ ಠಾಣೆಗೆ ದೂರು ನೀಡಿದ್ದರು. ಕೊಲೆ ರಹಸ್ಯ ಬಯಲು: ಪ್ರಕರಣ ದಾಖಲಿಸಿಕೊಂಡ ಪೊಲೀಸರು ತನಿಖೆ ನಡೆಸಿದಾಗ ಕೊಲೆ ರಹಸ್ಯ ಬಯಲಾಗಿದೆ. ಆರೋಪಿಗಳನ್ನು ನ್ಯಾಯಾಂಗ ಬಂಧನಕ್ಕೆ ಒಪ್ಪಿಸಲಾಗಿದೆ. ತನಿಖೆ ಮುಂದುವರಿದಿದೆ.
